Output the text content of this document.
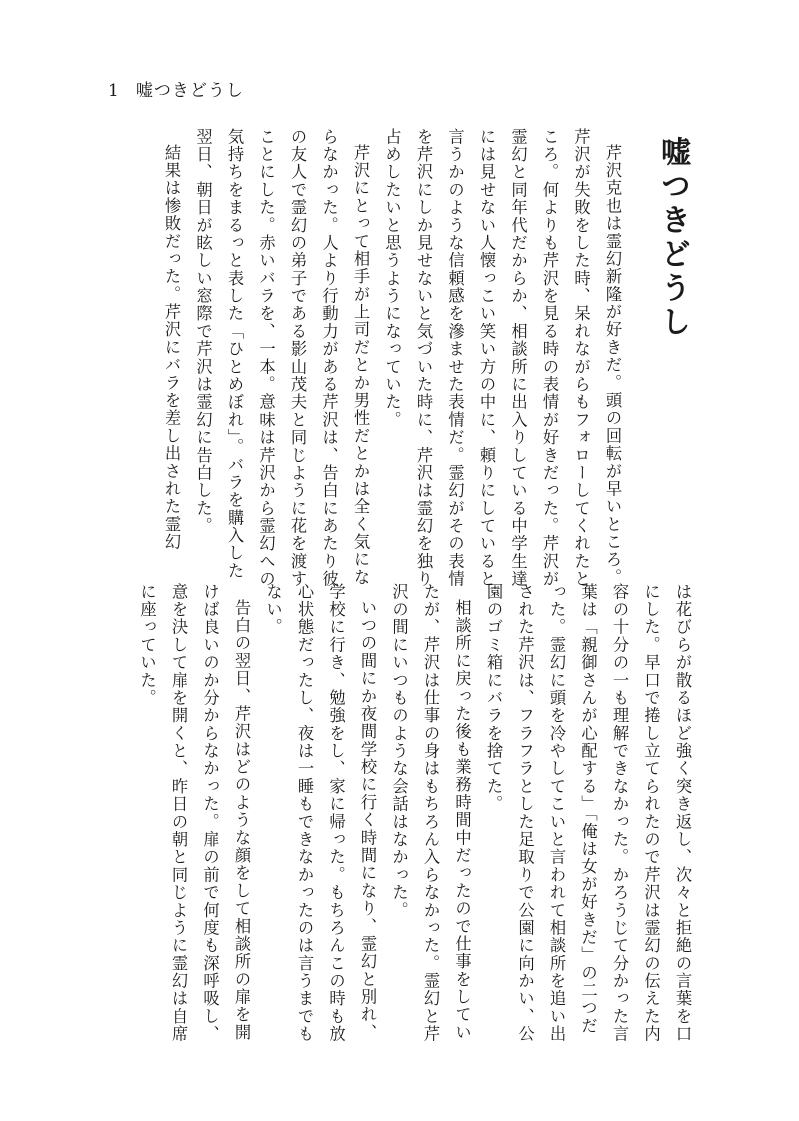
1 嘘つきどうし
嘘つきどうし

芹沢克也は霊幻新隆が好きだ。頭の回転が早いところ。芹沢が失敗をした時、呆れながらもフォローしてくれたところ。何よりも芹沢を見る時の表情が好きだった。芹沢が霊幻と同年代だからか、相談所に出入りしている中学生達には見せない人懐っこい笑い方の中に、頼りにしていると言うかのような信頼感を滲ませた表情だ。霊幻がその表情を芹沢にしか見せないと気づいた時に、芹沢は霊幻を独り占めしたいと思うようになっていた。

芹沢にとって相手が上司だとか男性だとかは全く気にならなかった。人より行動力がある芹沢は、告白にあたり彼の友人で霊幻の弟子である影山茂夫と同じように花を渡すことにした。赤いバラを、一本。意味は芹沢から霊幻への気持ちをまるっと表した「ひとめぼれ」。バラを購入した翌日、朝日が眩しい窓際で芹沢は霊幻に告白した。

結果は惨敗だった。芹沢にバラを差し出された霊幻

は花びらが散るほど強く突き返し、次々と拒絶の言葉を口にした。早口で捲し立てられたので芹沢は霊幻の伝えた内容の十分の一も理解できなかった。かろうじて分かった言葉は「親御さんが心配する」「俺は女が好きだ」の二つだった。霊幻に頭を冷やしてこいと言われて相談所を追い出された芹沢は、フラフラとした足取りで公園に向かい、公園のゴミ箱にバラを捨てた。

相談所に戻った後も業務時間中だったので仕事をしていたが、芹沢は仕事の身はもちろん入らなかった。霊幻と芹沢の間にいつものような会話はなかった。

いつの間にか夜間学校に行く時間になり、霊幻と別れ、学校に行き、勉強をし、家に帰った。もちろんこの時も放心状態だったし、夜は一睡もできなかったのは言うまでもない。

告白の翌日、芹沢はどのような顔をして相談所の扉を開けば良いのか分からなかった。扉の前で何度も深呼吸し、意を決して扉を開くと、昨日の朝と同じように霊幻は自席に座っていた。
